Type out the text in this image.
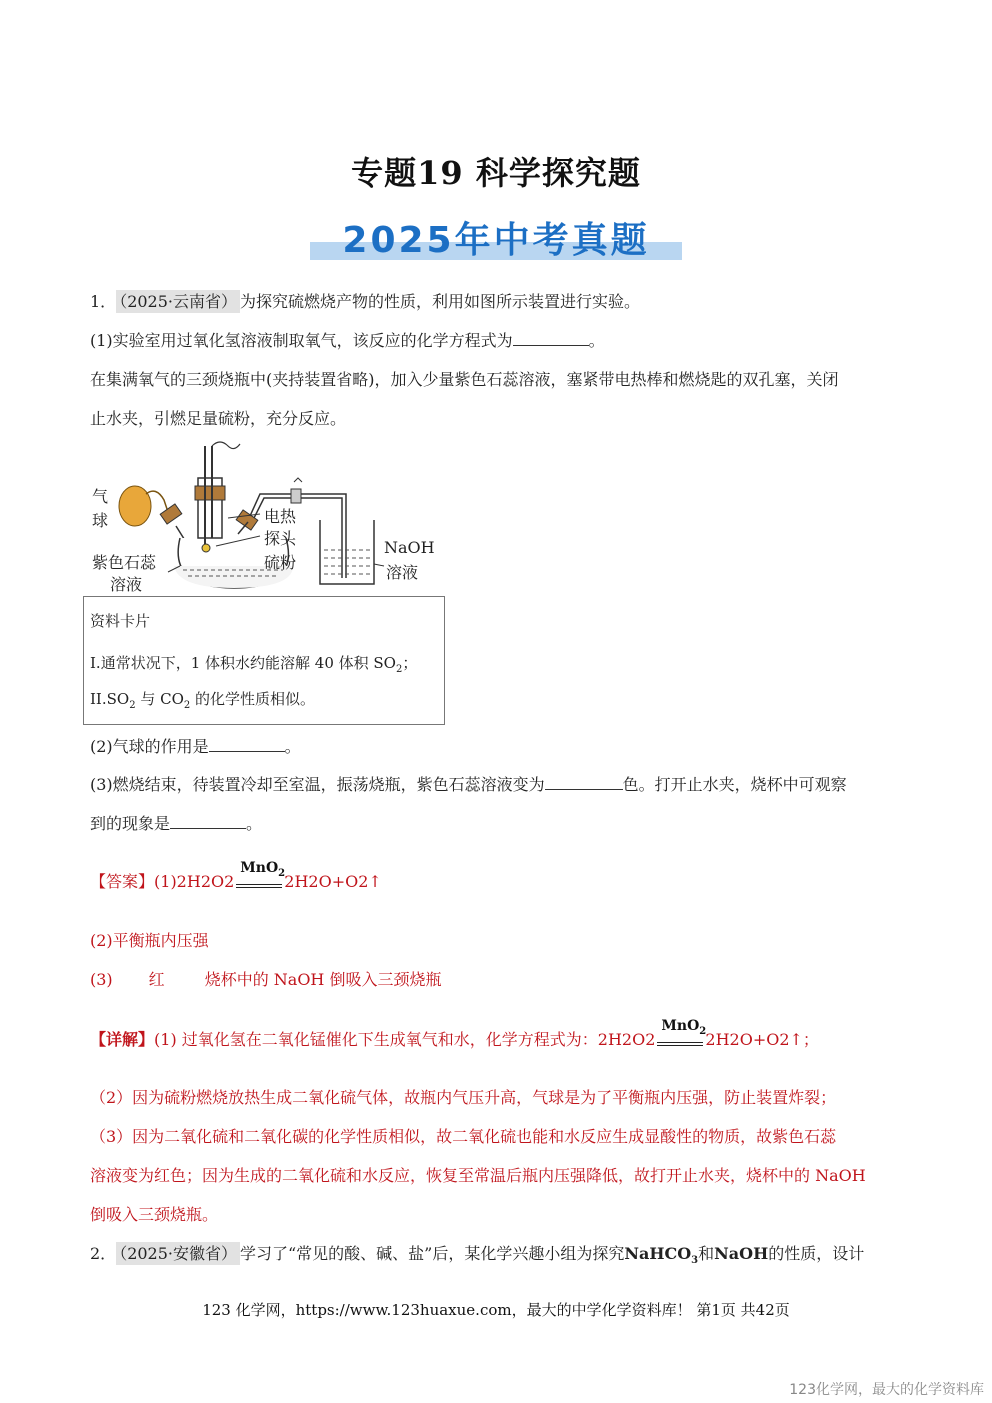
专题19 科学探究题
2025年中考真题
1． （2025·云南省） 为探究硫燃烧产物的性质，利用如图所示装置进行实验。
(1)实验室用过氧化氢溶液制取氧气，该反应的化学方程式为	。
在集满氧气的三颈烧瓶中(夹持装置省略)，加入少量紫色石蕊溶液，塞紧带电热棒和燃烧匙的双孔塞，关闭
止水夹，引燃足量硫粉，充分反应。
气
球	电热
探头
硫粉
紫色石蕊
溶液
NaOH
溶液
资料卡片
I.通常状况下，1 体积水约能溶解 40 体积 $SO_2$；
$II.SO_2$ 与 $CO_2$ 的化学性质相似。
(2)气球的作用是	。
(3)燃烧结束，待装置冷却至室温，振荡烧瓶，紫色石蕊溶液变为	色。打开止水夹，烧杯中可观察
到的现象是	。
【答案】(1)2H2O2
MnO$_2$ 2H2O+O2↑
(2)平衡瓶内压强
(3) 红	烧杯中的 NaOH 倒吸入三颈烧瓶
【详解】(1) 过氧化氢在二氧化锰催化下生成氧气和水，化学方程式为：2H2O2
MnO$_2$ 2H2O+O2↑；
（2）因为硫粉燃烧放热生成二氧化硫气体，故瓶内气压升高，气球是为了平衡瓶内压强，防止装置炸裂；
（3）因为二氧化硫和二氧化碳的化学性质相似，故二氧化硫也能和水反应生成显酸性的物质，故紫色石蕊
溶液变为红色；因为生成的二氧化硫和水反应，恢复至常温后瓶内压强降低，故打开止水夹，烧杯中的 NaOH
倒吸入三颈烧瓶。
2． （2025·安徽省） 学习了“常见的酸、碱、盐”后，某化学兴趣小组为探究NaHCO$_3$和NaOH的性质，设计
123 化学网，https://www.123huaxue.com，最大的中学化学资料库！ 第1页 共42页
123化学网，最大的化学资料库
